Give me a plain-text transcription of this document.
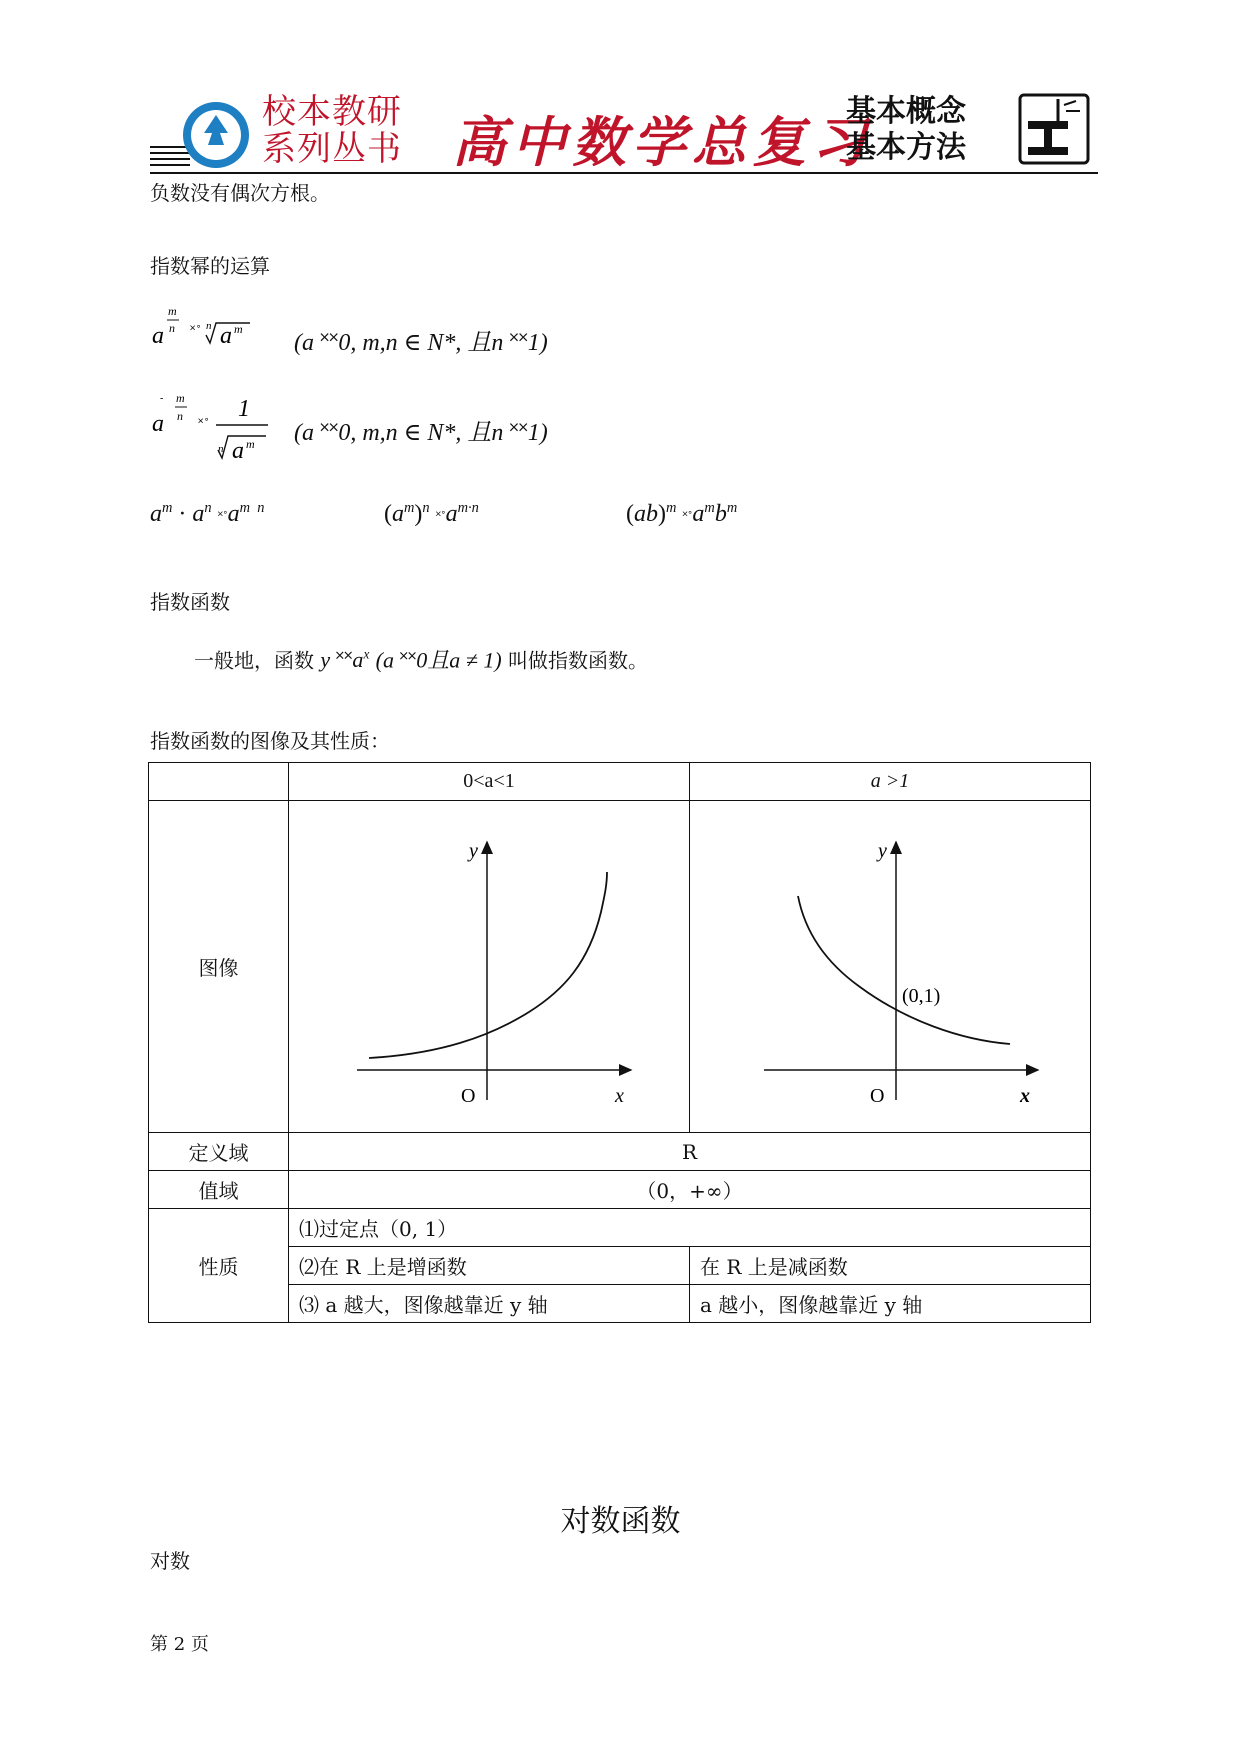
校本教研
系列丛书 高中数学总复习
基本概念
基本方法
负数没有偶次方根。
指数幂的运算
a
m
n ˟˚ n a m
(a ˟˟0, m,n ∈ N*, 且n ˟˟1)
a
- m
n
˟˚
1
n a m (a ˟˟0, m,n ∈ N*, 且n ˟˟1)
$a^m \cdot a^n$ $˟˚a^{m n}$	$(a^m)^n$ $˟˚a^{m\cdot n}$	(ab)$^m$ $˟˚a^mb^m$
指数函数
一般地，函数 y $˟˟a^x$ (a ˟˟0且a ≠ 1) 叫做指数函数。
指数函数的图像及其性质：
	0<a<1	a >1
图像	y
x
O	y
x
O
(0,1)

定义域	R	
值域	（0，+∞）	
性质	⑴过定点（0, 1）	
	⑵在 R 上是增函数	在 R 上是减函数
	⑶ a 越大，图像越靠近 y 轴	a 越小，图像越靠近 y 轴
对数函数
对数
第 2 页
